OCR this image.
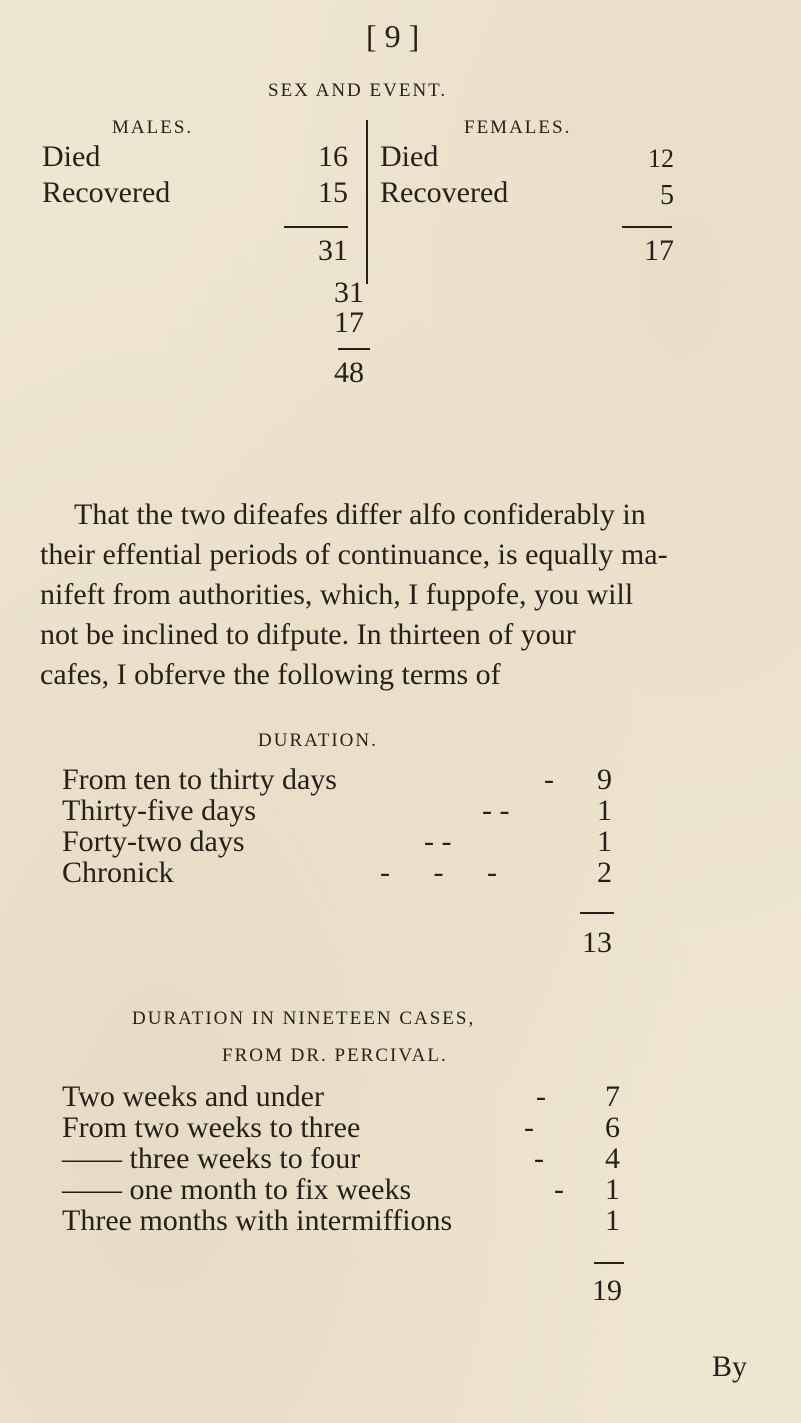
[ 9 ]
SEX AND EVENT.
MALES.
Died	16
Recovered	15
31
FEMALES.
Died	12
Recovered	5
17
31
17
48
That the two difeafes differ alfo confiderably in
their effential periods of continuance, is equally ma-
nifeft from authorities, which, I fuppofe, you will
not be inclined to difpute. In thirteen of your
cafes, I obferve the following terms of
DURATION.
From ten to thirty days	-	9
Thirty-five days	- -	1
Forty-two days	- -	1
Chronick	- - -	2
13
DURATION IN NINETEEN CASES,
FROM DR. PERCIVAL.
Two weeks and under	-	7
From two weeks to three	-	6
—— three weeks to four	-	4
—— one month to fix weeks	-	1
Three months with intermiffions	1
19
By
